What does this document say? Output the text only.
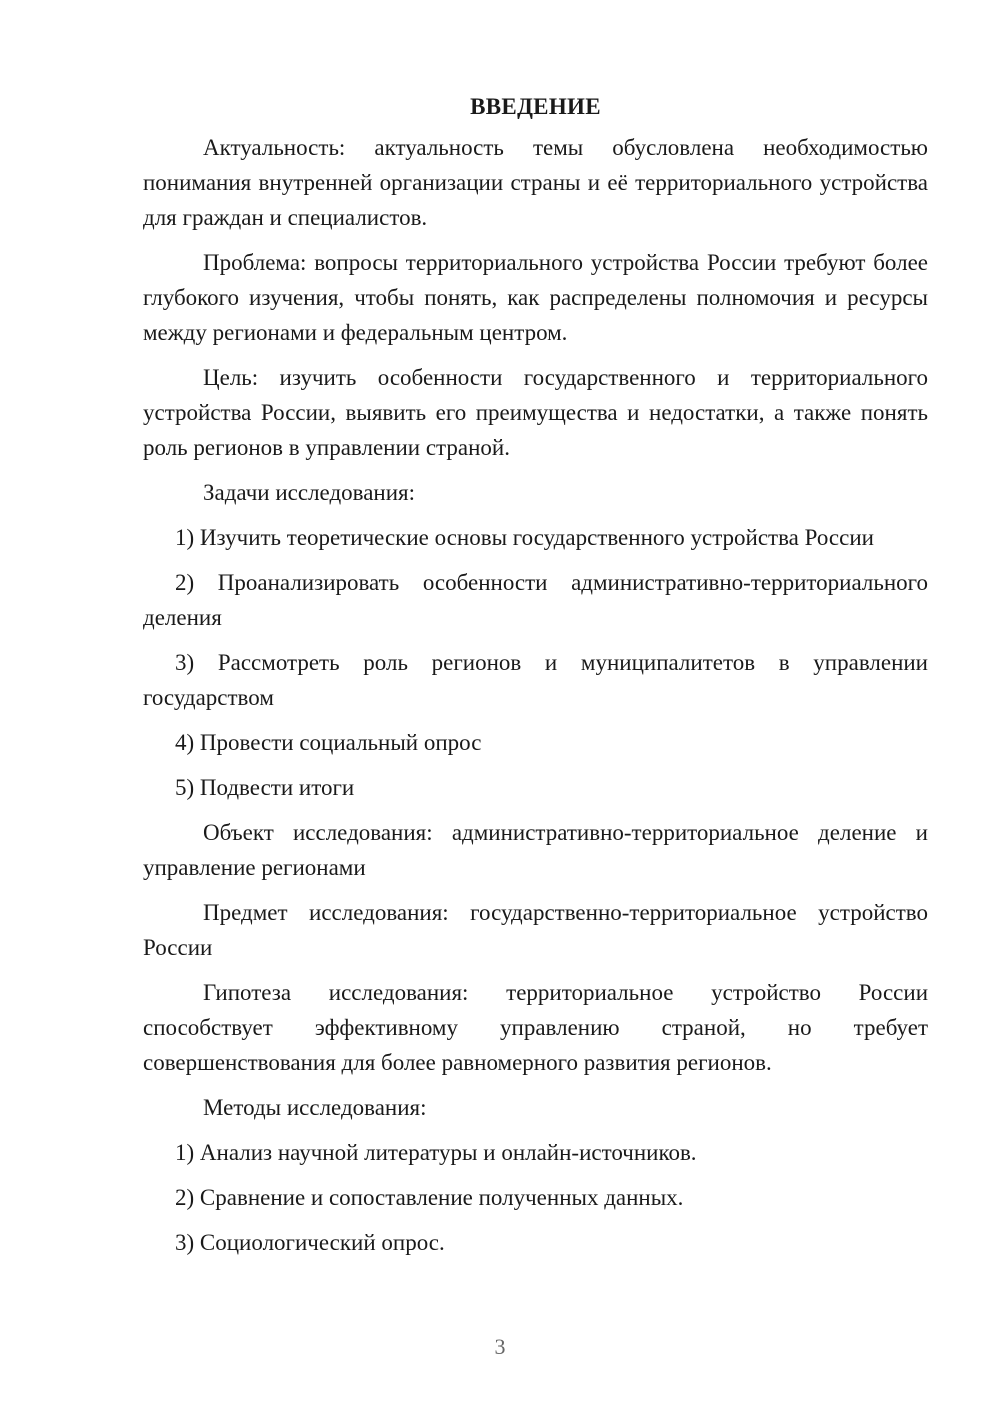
ВВЕДЕНИЕ

Актуальность: актуальность темы обусловлена необходимостью понимания внутренней организации страны и её территориального устройства для граждан и специалистов.

Проблема: вопросы территориального устройства России требуют более глубокого изучения, чтобы понять, как распределены полномочия и ресурсы между регионами и федеральным центром.

Цель: изучить особенности государственного и территориального устройства России, выявить его преимущества и недостатки, а также понять роль регионов в управлении страной.

Задачи исследования:

1) Изучить теоретические основы государственного устройства России

2) Проанализировать особенности административно-территориального деления

3) Рассмотреть роль регионов и муниципалитетов в управлении государством

4) Провести социальный опрос

5) Подвести итоги

Объект исследования: административно-территориальное деление и управление регионами

Предмет исследования: государственно-территориальное устройство России

Гипотеза исследования: территориальное устройство России способствует эффективному управлению страной, но требует совершенствования для более равномерного развития регионов.

Методы исследования:

1) Анализ научной литературы и онлайн-источников.

2) Сравнение и сопоставление полученных данных.

3) Социологический опрос.

3
